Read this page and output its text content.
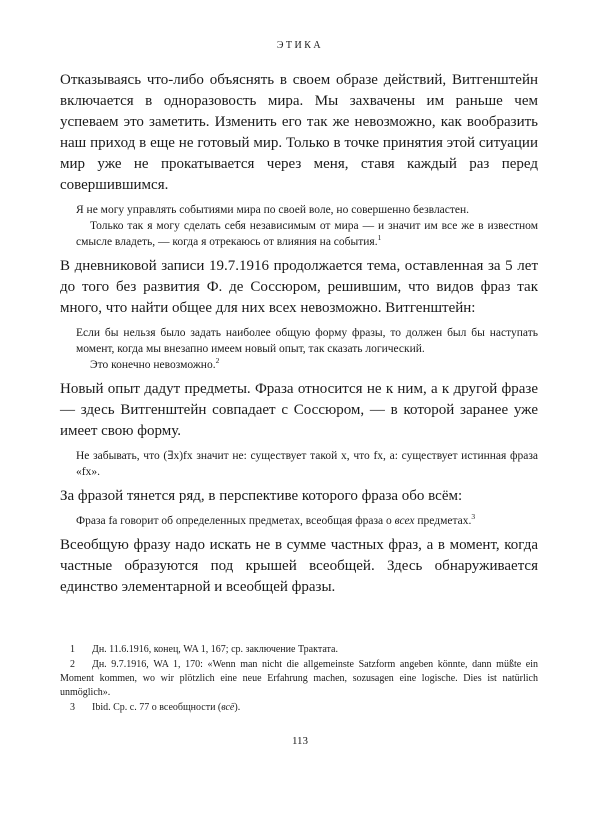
ЭТИКА

Отказываясь что-либо объяснять в своем образе действий, Витгенштейн включается в одноразовость мира. Мы захвачены им раньше чем успеваем это заметить. Изменить его так же невозможно, как вообразить наш приход в еще не готовый мир. Только в точке принятия этой ситуации мир уже не прокатывается через меня, ставя каждый раз перед совершившимся.

Я не могу управлять событиями мира по своей воле, но совершенно безвластен.

Только так я могу сделать себя независимым от мира — и значит им все же в известном смысле владеть, — когда я отрекаюсь от влияния на события.$^1$

В дневниковой записи 19.7.1916 продолжается тема, оставленная за 5 лет до того без развития Ф. де Соссюром, решившим, что видов фраз так много, что найти общее для них всех невозможно. Витгенштейн:

Если бы нельзя было задать наиболее общую форму фразы, то должен был бы наступать момент, когда мы внезапно имеем новый опыт, так сказать логический.

Это конечно невозможно.$^2$

Новый опыт дадут предметы. Фраза относится не к ним, а к другой фразе — здесь Витгенштейн совпадает с Соссюром, — в которой заранее уже имеет свою форму.

Не забывать, что (∃x)fx значит не: существует такой x, что fx, а: существует истинная фраза «fx».

За фразой тянется ряд, в перспективе которого фраза обо всём:

Фраза fa говорит об определенных предметах, всеобщая фраза о всех предметах.$^3$

Всеобщую фразу надо искать не в сумме частных фраз, а в момент, когда частные образуются под крышей всеобщей. Здесь обнаруживается единство элементарной и всеобщей фразы.

1 Дн. 11.6.1916, конец, WA 1, 167; ср. заключение Трактата.

2 Дн. 9.7.1916, WA 1, 170: «Wenn man nicht die allgemeinste Satzform angeben könnte, dann müßte ein Moment kommen, wo wir plötzlich eine neue Erfahrung machen, sozusagen eine logische. Dies ist natürlich unmöglich».

3 Ibid. Ср. с. 77 о всеобщности (всё).

113
